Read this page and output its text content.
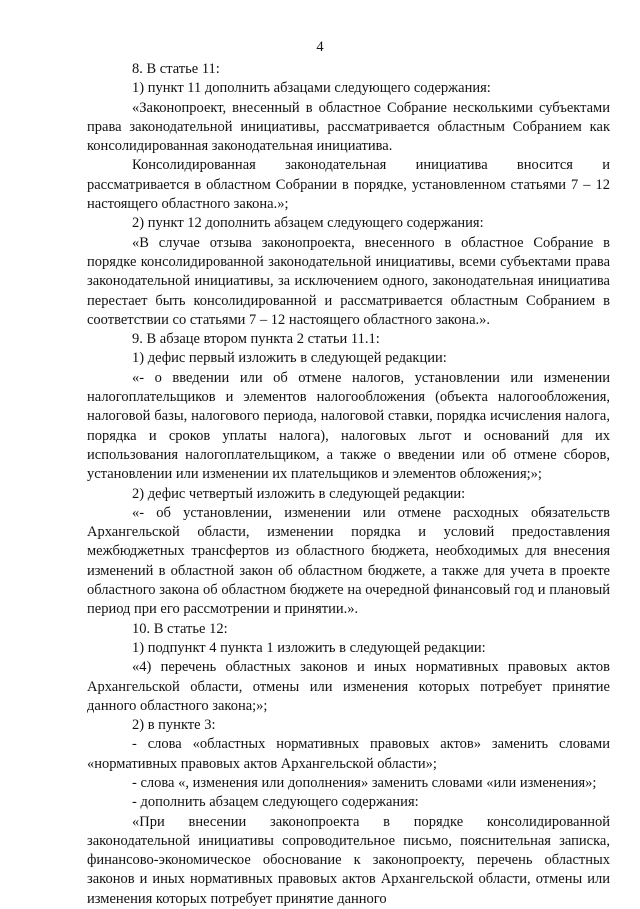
4

8. В статье 11:

1) пункт 11 дополнить абзацами следующего содержания:

«Законопроект, внесенный в областное Собрание несколькими субъектами права законодательной инициативы, рассматривается областным Собранием как консолидированная законодательная инициатива.

Консолидированная законодательная инициатива вносится и рассматривается в областном Собрании в порядке, установленном статьями 7 – 12 настоящего областного закона.»;

2) пункт 12 дополнить абзацем следующего содержания:

«В случае отзыва законопроекта, внесенного в областное Собрание в порядке консолидированной законодательной инициативы, всеми субъектами права законодательной инициативы, за исключением одного, законодательная инициатива перестает быть консолидированной и рассматривается областным Собранием в соответствии со статьями 7 – 12 настоящего областного закона.».

9. В абзаце втором пункта 2 статьи 11.1:

1) дефис первый изложить в следующей редакции:

«- о введении или об отмене налогов, установлении или изменении налогоплательщиков и элементов налогообложения (объекта налогообложения, налоговой базы, налогового периода, налоговой ставки, порядка исчисления налога, порядка и сроков уплаты налога), налоговых льгот и оснований для их использования налогоплательщиком, а также о введении или об отмене сборов, установлении или изменении их плательщиков и элементов обложения;»;

2) дефис четвертый изложить в следующей редакции:

«- об установлении, изменении или отмене расходных обязательств Архангельской области, изменении порядка и условий предоставления межбюджетных трансфертов из областного бюджета, необходимых для внесения изменений в областной закон об областном бюджете, а также для учета в проекте областного закона об областном бюджете на очередной финансовый год и плановый период при его рассмотрении и принятии.».

10. В статье 12:

1) подпункт 4 пункта 1 изложить в следующей редакции:

«4) перечень областных законов и иных нормативных правовых актов Архангельской области, отмены или изменения которых потребует принятие данного областного закона;»;

2) в пункте 3:

- слова «областных нормативных правовых актов» заменить словами «нормативных правовых актов Архангельской области»;

- слова «, изменения или дополнения» заменить словами «или изменения»;

- дополнить абзацем следующего содержания:

«При внесении законопроекта в порядке консолидированной законодательной инициативы сопроводительное письмо, пояснительная записка, финансово-экономическое обоснование к законопроекту, перечень областных законов и иных нормативных правовых актов Архангельской области, отмены или изменения которых потребует принятие данного
